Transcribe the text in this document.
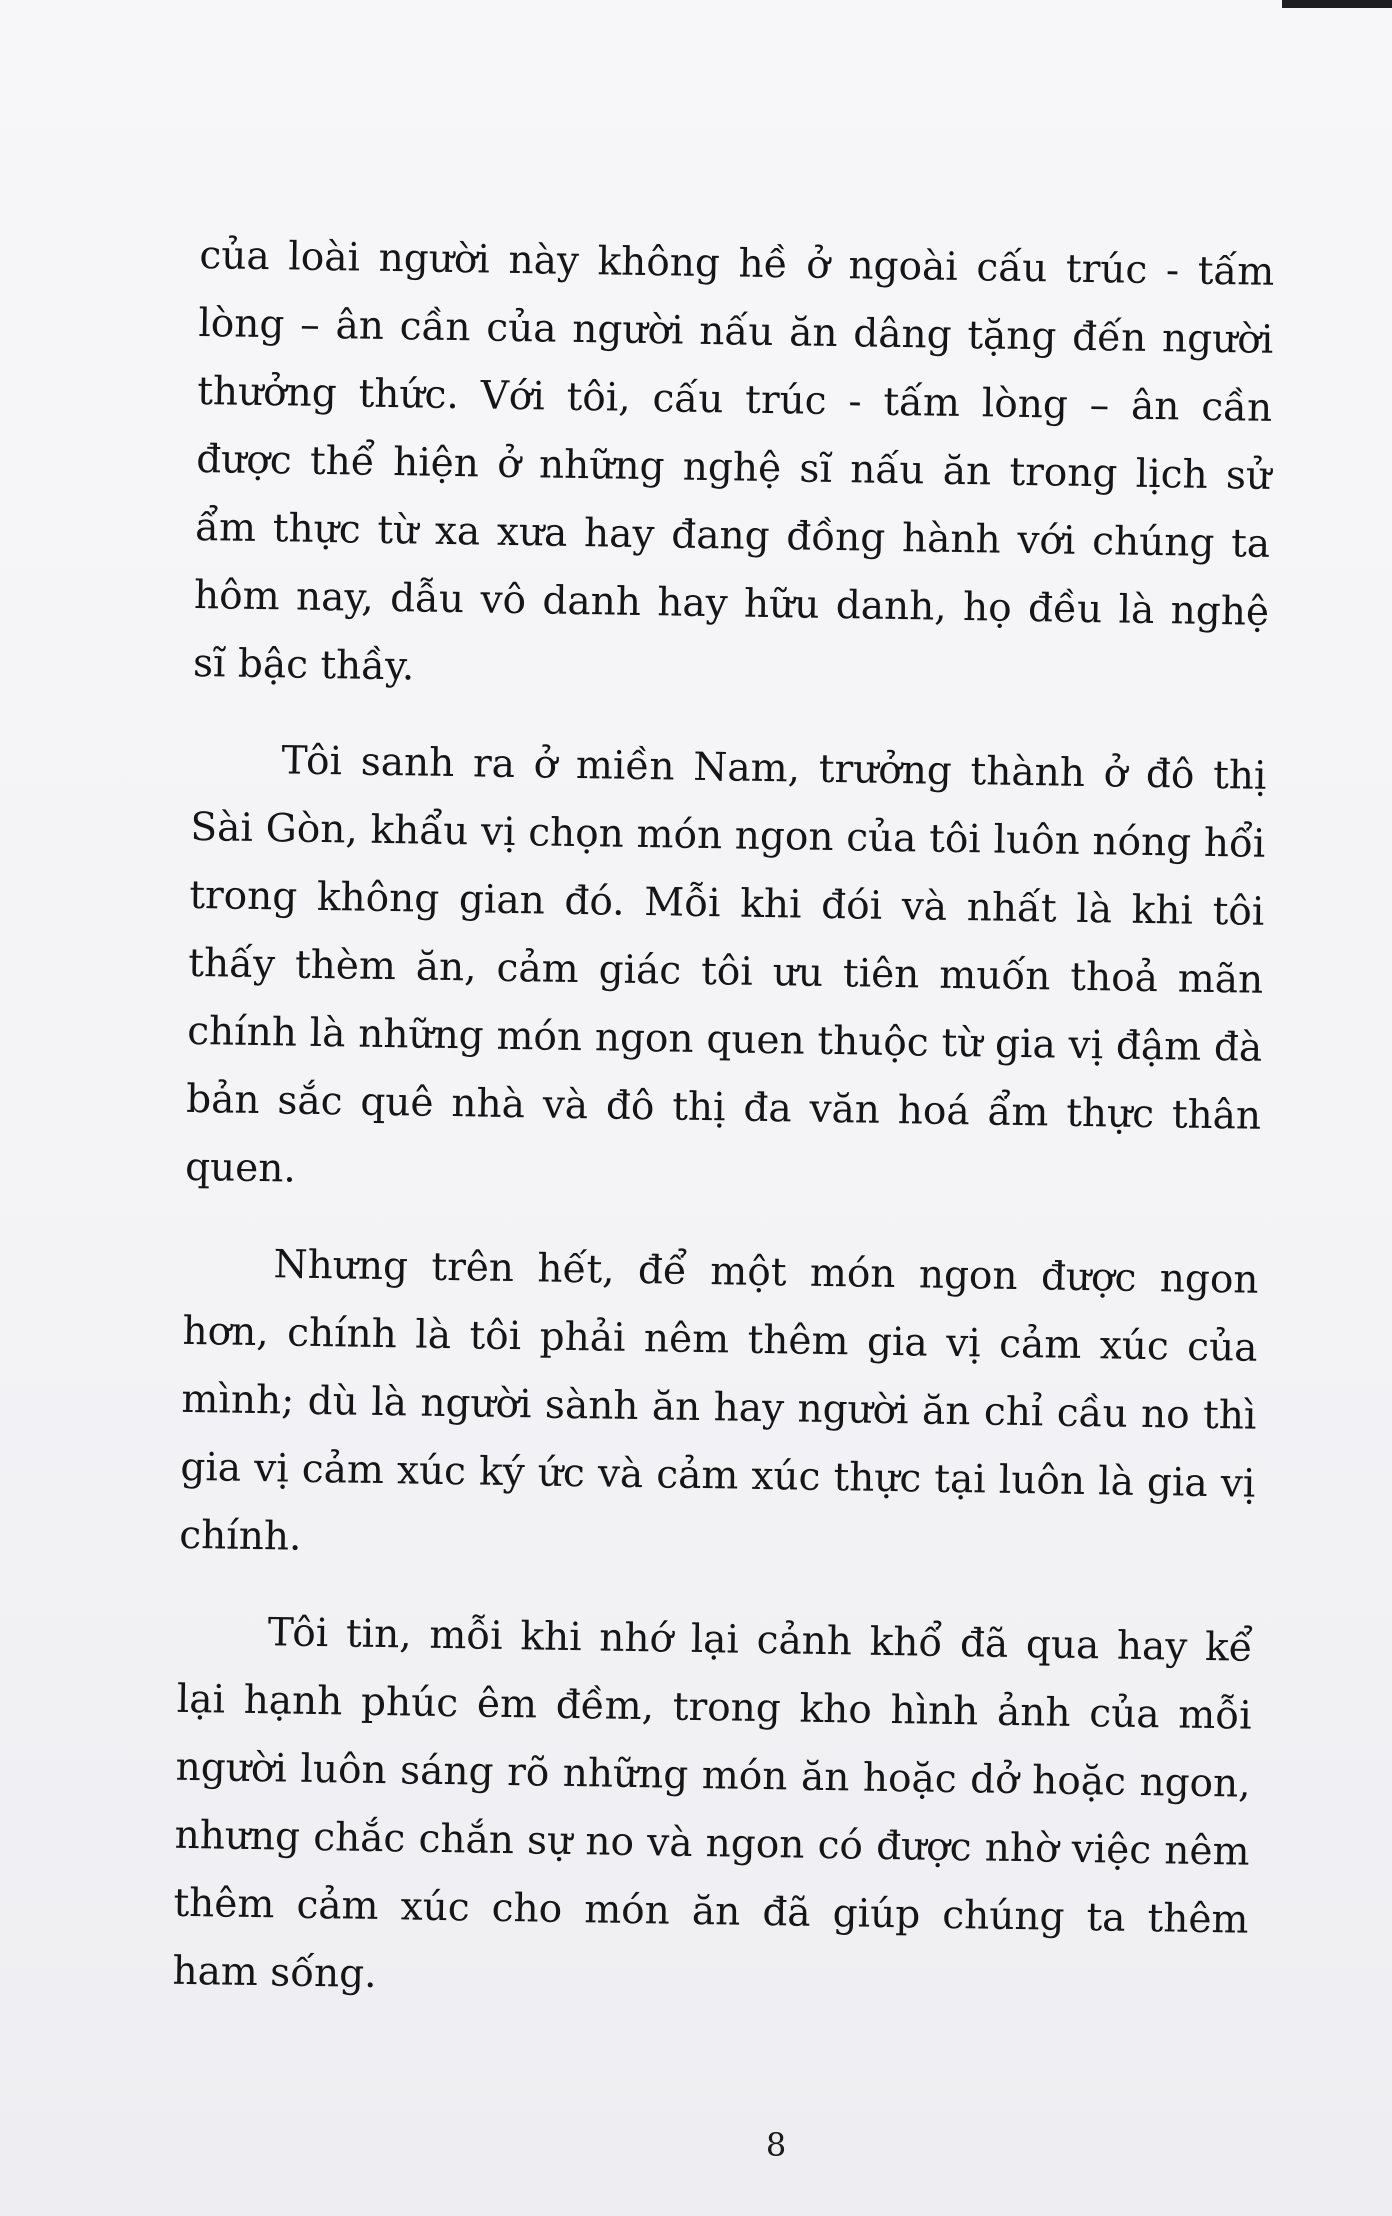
của loài người này không hề ở ngoài cấu trúc - tấm lòng – ân cần của người nấu ăn dâng tặng đến người thưởng thức. Với tôi, cấu trúc - tấm lòng – ân cần được thể hiện ở những nghệ sĩ nấu ăn trong lịch sử ẩm thực từ xa xưa hay đang đồng hành với chúng ta hôm nay, dẫu vô danh hay hữu danh, họ đều là nghệ sĩ bậc thầy.

Tôi sanh ra ở miền Nam, trưởng thành ở đô thị Sài Gòn, khẩu vị chọn món ngon của tôi luôn nóng hổi trong không gian đó. Mỗi khi đói và nhất là khi tôi thấy thèm ăn, cảm giác tôi ưu tiên muốn thoả mãn chính là những món ngon quen thuộc từ gia vị đậm đà bản sắc quê nhà và đô thị đa văn hoá ẩm thực thân quen.

Nhưng trên hết, để một món ngon được ngon hơn, chính là tôi phải nêm thêm gia vị cảm xúc của mình; dù là người sành ăn hay người ăn chỉ cầu no thì gia vị cảm xúc ký ức và cảm xúc thực tại luôn là gia vị chính.

Tôi tin, mỗi khi nhớ lại cảnh khổ đã qua hay kể lại hạnh phúc êm đềm, trong kho hình ảnh của mỗi người luôn sáng rõ những món ăn hoặc dở hoặc ngon, nhưng chắc chắn sự no và ngon có được nhờ việc nêm thêm cảm xúc cho món ăn đã giúp chúng ta thêm ham sống.

8
